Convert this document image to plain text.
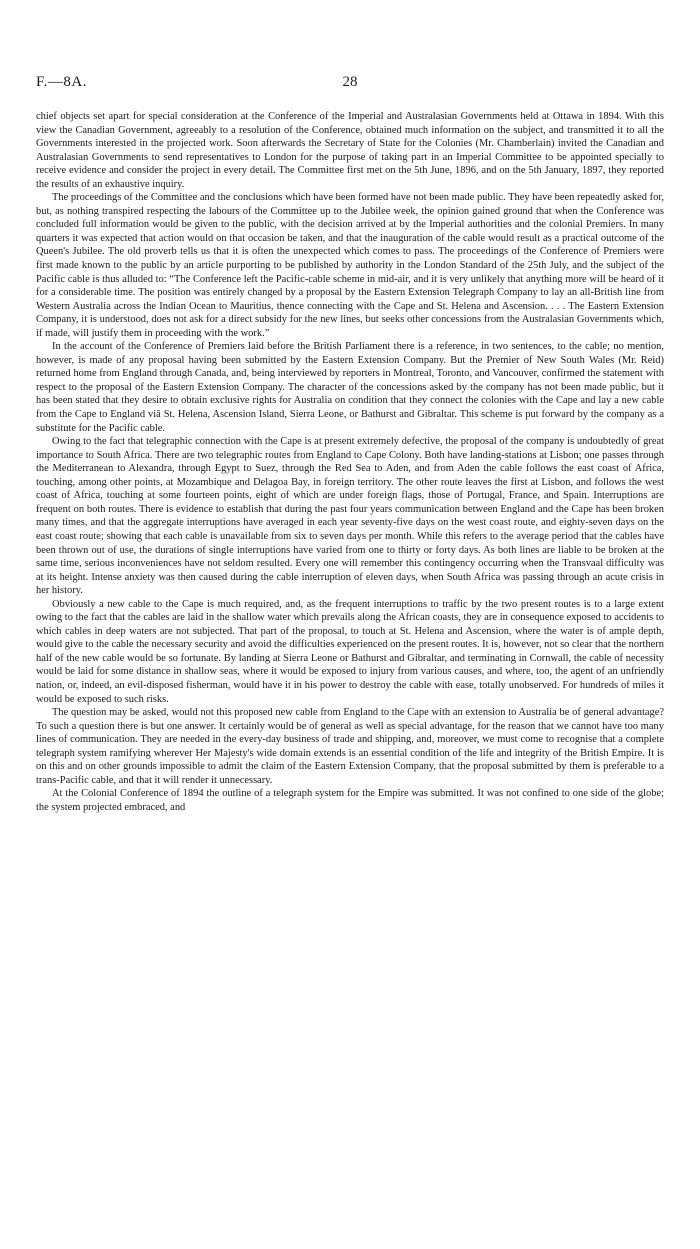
F.—8A.	28

chief objects set apart for special consideration at the Conference of the Imperial and Australasian Governments held at Ottawa in 1894. With this view the Canadian Government, agreeably to a resolution of the Conference, obtained much information on the subject, and transmitted it to all the Governments interested in the projected work. Soon afterwards the Secretary of State for the Colonies (Mr. Chamberlain) invited the Canadian and Australasian Governments to send representatives to London for the purpose of taking part in an Imperial Committee to be appointed specially to receive evidence and consider the project in every detail. The Committee first met on the 5th June, 1896, and on the 5th January, 1897, they reported the results of an exhaustive inquiry.

The proceedings of the Committee and the conclusions which have been formed have not been made public. They have been repeatedly asked for, but, as nothing transpired respecting the labours of the Committee up to the Jubilee week, the opinion gained ground that when the Conference was concluded full information would be given to the public, with the decision arrived at by the Imperial authorities and the colonial Premiers. In many quarters it was expected that action would on that occasion be taken, and that the inauguration of the cable would result as a practical outcome of the Queen's Jubilee. The old proverb tells us that it is often the unexpected which comes to pass. The proceedings of the Conference of Premiers were first made known to the public by an article purporting to be published by authority in the London Standard of the 25th July, and the subject of the Pacific cable is thus alluded to: “The Conference left the Pacific-cable scheme in mid-air, and it is very unlikely that anything more will be heard of it for a considerable time. The position was entirely changed by a proposal by the Eastern Extension Telegraph Company to lay an all-British line from Western Australia across the Indian Ocean to Mauritius, thence connecting with the Cape and St. Helena and Ascension. . . . The Eastern Extension Company, it is understood, does not ask for a direct subsidy for the new lines, but seeks other concessions from the Australasian Governments which, if made, will justify them in proceeding with the work.”

In the account of the Conference of Premiers laid before the British Parliament there is a reference, in two sentences, to the cable; no mention, however, is made of any proposal having been submitted by the Eastern Extension Company. But the Premier of New South Wales (Mr. Reid) returned home from England through Canada, and, being interviewed by reporters in Montreal, Toronto, and Vancouver, confirmed the statement with respect to the proposal of the Eastern Extension Company. The character of the concessions asked by the company has not been made public, but it has been stated that they desire to obtain exclusive rights for Australia on condition that they connect the colonies with the Cape and lay a new cable from the Cape to England viâ St. Helena, Ascension Island, Sierra Leone, or Bathurst and Gibraltar. This scheme is put forward by the company as a substitute for the Pacific cable.

Owing to the fact that telegraphic connection with the Cape is at present extremely defective, the proposal of the company is undoubtedly of great importance to South Africa. There are two telegraphic routes from England to Cape Colony. Both have landing-stations at Lisbon; one passes through the Mediterranean to Alexandra, through Egypt to Suez, through the Red Sea to Aden, and from Aden the cable follows the east coast of Africa, touching, among other points, at Mozambique and Delagoa Bay, in foreign territory. The other route leaves the first at Lisbon, and follows the west coast of Africa, touching at some fourteen points, eight of which are under foreign flags, those of Portugal, France, and Spain. Interruptions are frequent on both routes. There is evidence to establish that during the past four years communication between England and the Cape has been broken many times, and that the aggregate interruptions have averaged in each year seventy-five days on the west coast route, and eighty-seven days on the east coast route; showing that each cable is unavailable from six to seven days per month. While this refers to the average period that the cables have been thrown out of use, the durations of single interruptions have varied from one to thirty or forty days. As both lines are liable to be broken at the same time, serious inconveniences have not seldom resulted. Every one will remember this contingency occurring when the Transvaal difficulty was at its height. Intense anxiety was then caused during the cable interruption of eleven days, when South Africa was passing through an acute crisis in her history.

Obviously a new cable to the Cape is much required, and, as the frequent interruptions to traffic by the two present routes is to a large extent owing to the fact that the cables are laid in the shallow water which prevails along the African coasts, they are in consequence exposed to accidents to which cables in deep waters are not subjected. That part of the proposal, to touch at St. Helena and Ascension, where the water is of ample depth, would give to the cable the necessary security and avoid the difficulties experienced on the present routes. It is, however, not so clear that the northern half of the new cable would be so fortunate. By landing at Sierra Leone or Bathurst and Gibraltar, and terminating in Cornwall, the cable of necessity would be laid for some distance in shallow seas, where it would be exposed to injury from various causes, and where, too, the agent of an unfriendly nation, or, indeed, an evil-disposed fisherman, would have it in his power to destroy the cable with ease, totally unobserved. For hundreds of miles it would be exposed to such risks.

The question may be asked, would not this proposed new cable from England to the Cape with an extension to Australia be of general advantage? To such a question there is but one answer. It certainly would be of general as well as special advantage, for the reason that we cannot have too many lines of communication. They are needed in the every-day business of trade and shipping, and, moreover, we must come to recognise that a complete telegraph system ramifying wherever Her Majesty's wide domain extends is an essential condition of the life and integrity of the British Empire. It is on this and on other grounds impossible to admit the claim of the Eastern Extension Company, that the proposal submitted by them is preferable to a trans-Pacific cable, and that it will render it unnecessary.

At the Colonial Conference of 1894 the outline of a telegraph system for the Empire was submitted. It was not confined to one side of the globe; the system projected embraced, and
